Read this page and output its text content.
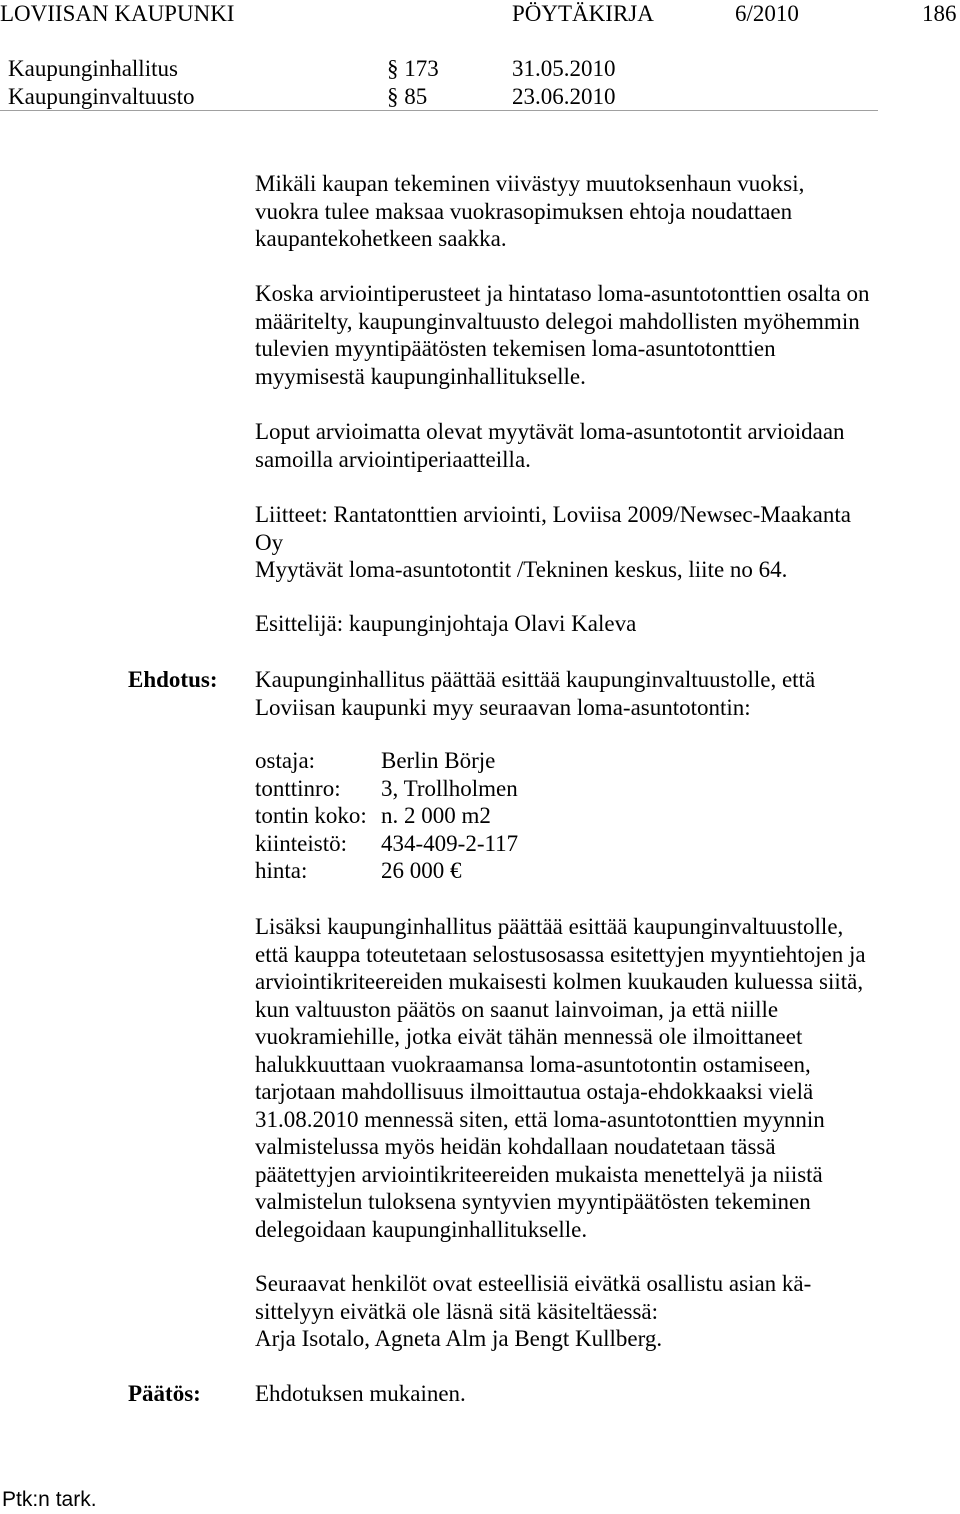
LOVIISAN KAUPUNKI	PÖYTÄKIRJA	6/2010	186
Kaupunginhallitus	§ 173	31.05.2010
Kaupunginvaltuusto	§ 85	23.06.2010
Mikäli kaupan tekeminen viivästyy muutoksenhaun vuoksi,
vuokra tulee maksaa vuokrasopimuksen ehtoja noudattaen
kaupantekohetkeen saakka.
Koska arviointiperusteet ja hintataso loma-asuntotonttien osalta on
määritelty, kaupunginvaltuusto delegoi mahdollisten myöhemmin
tulevien myyntipäätösten tekemisen loma-asuntotonttien
myymisestä kaupunginhallitukselle.
Loput arvioimatta olevat myytävät loma-asuntotontit arvioidaan
samoilla arviointiperiaatteilla.
Liitteet: Rantatonttien arviointi, Loviisa 2009/Newsec-Maakanta
Oy
Myytävät loma-asuntotontit /Tekninen keskus, liite no 64.
Esittelijä: kaupunginjohtaja Olavi Kaleva
Ehdotus: Kaupunginhallitus päättää esittää kaupunginvaltuustolle, että
Loviisan kaupunki myy seuraavan loma-asuntotontin:
ostaja:	Berlin Börje
tonttinro: 3, Trollholmen
tontin koko: n. 2 000 m2
kiinteistö: 434-409-2-117
hinta:	26 000 €
Lisäksi kaupunginhallitus päättää esittää kaupunginvaltuustolle,
että kauppa toteutetaan selostusosassa esitettyjen myyntiehtojen ja
arviointikriteereiden mukaisesti kolmen kuukauden kuluessa siitä,
kun valtuuston päätös on saanut lainvoiman, ja että niille
vuokramiehille, jotka eivät tähän mennessä ole ilmoittaneet
halukkuuttaan vuokraamansa loma-asuntotontin ostamiseen,
tarjotaan mahdollisuus ilmoittautua ostaja-ehdokkaaksi vielä
31.08.2010 mennessä siten, että loma-asuntotonttien myynnin
valmistelussa myös heidän kohdallaan noudatetaan tässä
päätettyjen arviointikriteereiden mukaista menettelyä ja niistä
valmistelun tuloksena syntyvien myyntipäätösten tekeminen
delegoidaan kaupunginhallitukselle.
Seuraavat henkilöt ovat esteellisiä eivätkä osallistu asian kä-
sittelyyn eivätkä ole läsnä sitä käsiteltäessä:
Arja Isotalo, Agneta Alm ja Bengt Kullberg.
Päätös: Ehdotuksen mukainen.
Ptk:n tark.
